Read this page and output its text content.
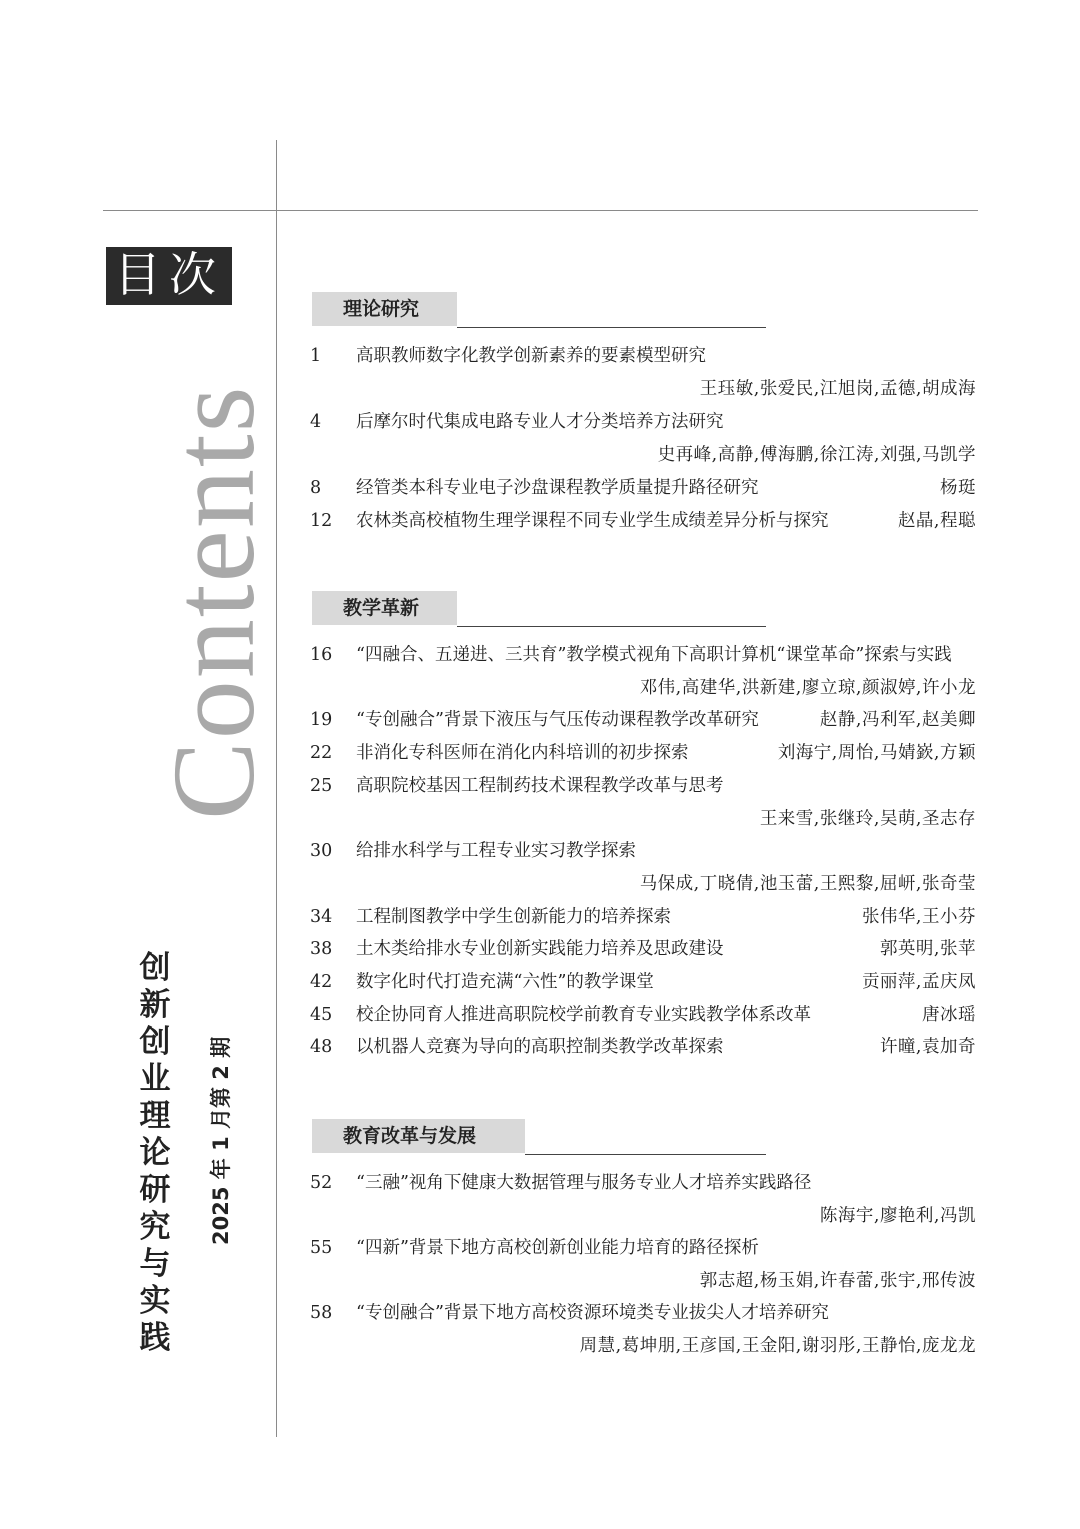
目次
Contents
创新创业理论研究与实践
2025 年 1 月第 2 期
理论研究
1	高职教师数字化教学创新素养的要素模型研究
王珏敏,张爱民,江旭岗,孟德,胡成海
4	后摩尔时代集成电路专业人才分类培养方法研究
史再峰,高静,傅海鹏,徐江涛,刘强,马凯学
8	经管类本科专业电子沙盘课程教学质量提升路径研究	杨珽
12	农林类高校植物生理学课程不同专业学生成绩差异分析与探究	赵晶,程聪
教学革新
16	“四融合、五递进、三共育”教学模式视角下高职计算机“课堂革命”探索与实践
邓伟,高建华,洪新建,廖立琼,颜淑婷,许小龙
19	“专创融合”背景下液压与气压传动课程教学改革研究	赵静,冯利军,赵美卿
22	非消化专科医师在消化内科培训的初步探索	刘海宁,周怡,马婧嶔,方颖
25	高职院校基因工程制药技术课程教学改革与思考
王来雪,张继玲,吴萌,圣志存
30	给排水科学与工程专业实习教学探索
马保成,丁晓倩,池玉蕾,王熙黎,屈岍,张奇莹
34	工程制图教学中学生创新能力的培养探索	张伟华,王小芬
38	土木类给排水专业创新实践能力培养及思政建设	郭英明,张苹
42	数字化时代打造充满“六性”的教学课堂	贡丽萍,孟庆凤
45	校企协同育人推进高职院校学前教育专业实践教学体系改革	唐冰瑶
48	以机器人竞赛为导向的高职控制类教学改革探索	许曈,袁加奇
教育改革与发展
52	“三融”视角下健康大数据管理与服务专业人才培养实践路径
陈海宇,廖艳利,冯凯
55	“四新”背景下地方高校创新创业能力培育的路径探析
郭志超,杨玉娟,许春蕾,张宇,邢传波
58	“专创融合”背景下地方高校资源环境类专业拔尖人才培养研究
周慧,葛坤朋,王彦国,王金阳,谢羽彤,王静怡,庞龙龙
